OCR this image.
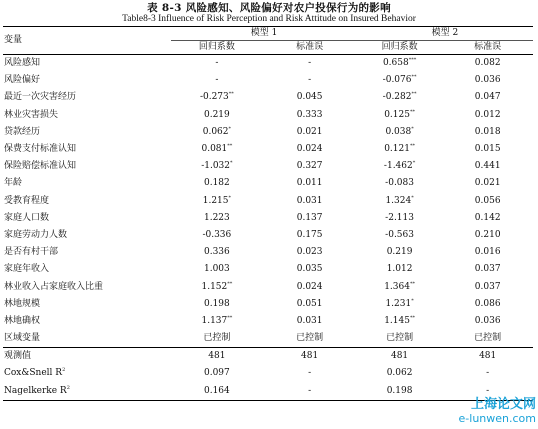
表 8-3 风险感知、风险偏好对农户投保行为的影响
Table8-3 Influence of Risk Perception and Risk Attitude on Insured Behavior
变量		模型 1		模型 2	
		回归系数	标准误	回归系数	标准误
风险感知		-	-	0.658***	0.082
风险偏好		-	-	-0.076**	0.036
最近一次灾害经历		-0.273**	0.045	-0.282**	0.047
林业灾害损失		0.219	0.333	0.125**	0.012
贷款经历		0.062*	0.021	0.038*	0.018
保费支付标准认知		0.081**	0.024	0.121**	0.015
保险赔偿标准认知		-1.032*	0.327	-1.462*	0.441
年龄		0.182	0.011	-0.083	0.021
受教育程度		1.215*	0.031	1.324*	0.056
家庭人口数		1.223	0.137	-2.113	0.142
家庭劳动力人数		-0.336	0.175	-0.563	0.210
是否有村干部		0.336	0.023	0.219	0.016
家庭年收入		1.003	0.035	1.012	0.037
林业收入占家庭收入比重		1.152**	0.024	1.364**	0.037
林地规模		0.198	0.051	1.231*	0.086
林地确权		1.137**	0.031	1.145**	0.036
区域变量		已控制	已控制	已控制	已控制
观测值		481	481	481	481
Cox&Snell $R^2$		0.097	-	0.062	-
Nagelkerke $R^2$		0.164	-	0.198	-
上海论文网
e-lunwen.com
